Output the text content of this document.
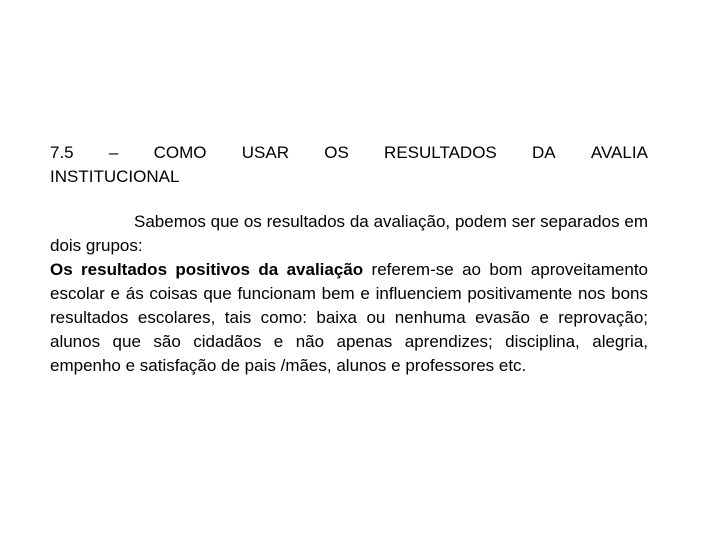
7.5 – COMO USAR OS RESULTADOS DA AVALIA
INSTITUCIONAL

Sabemos que os resultados da avaliação, podem ser separados em dois grupos:

Os resultados positivos da avaliação referem-se ao bom aproveitamento escolar e ás coisas que funcionam bem e influenciem positivamente nos bons resultados escolares, tais como: baixa ou nenhuma evasão e reprovação; alunos que são cidadãos e não apenas aprendizes; disciplina, alegria, empenho e satisfação de pais /mães, alunos e professores etc.
